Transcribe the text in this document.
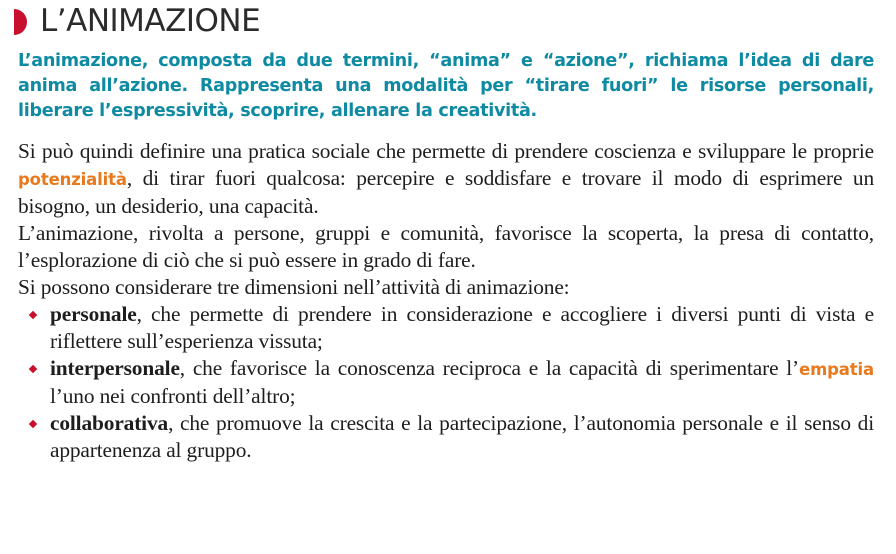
L’ANIMAZIONE

L’animazione, composta da due termini, “anima” e “azione”, richiama l’idea di dare anima all’azione. Rappresenta una modalità per “tirare fuori” le risorse personali, liberare l’espressività, scoprire, allenare la creatività.

Si può quindi definire una pratica sociale che permette di prendere coscienza e sviluppare le proprie potenzialità, di tirar fuori qualcosa: percepire e soddisfare e trovare il modo di esprimere un bisogno, un desiderio, una capacità.

L’animazione, rivolta a persone, gruppi e comunità, favorisce la scoperta, la presa di contatto, l’esplorazione di ciò che si può essere in grado di fare.

Si possono considerare tre dimensioni nell’attività di animazione:

personale, che permette di prendere in considerazione e accogliere i diversi punti di vista e riflettere sull’esperienza vissuta;
interpersonale, che favorisce la conoscenza reciproca e la capacità di sperimentare l’empatia l’uno nei confronti dell’altro;
collaborativa, che promuove la crescita e la partecipazione, l’autonomia personale e il senso di appartenenza al gruppo.
